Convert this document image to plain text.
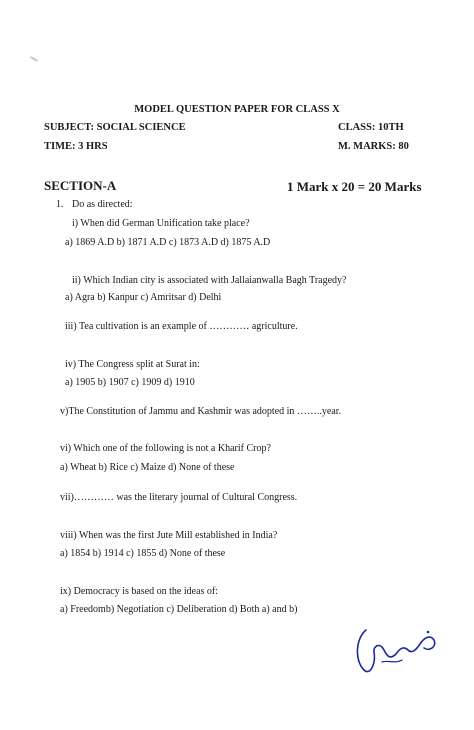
MODEL QUESTION PAPER FOR CLASS X
SUBJECT: SOCIAL SCIENCE	CLASS: 10TH
TIME: 3 HRS	M. MARKS: 80
SECTION-A	1 Mark x 20 = 20 Marks
1. Do as directed:
i) When did German Unification take place?
a) 1869 A.D b) 1871 A.D c) 1873 A.D d) 1875 A.D
ii) Which Indian city is associated with Jallaianwalla Bagh Tragedy?
a) Agra b) Kanpur c) Amritsar d) Delhi
iii) Tea cultivation is an example of ………… agriculture.
iv) The Congress split at Surat in:
a) 1905 b) 1907 c) 1909 d) 1910
v)The Constitution of Jammu and Kashmir was adopted in ……..year.
vi) Which one of the following is not a Kharif Crop?
a) Wheat b) Rice c) Maize d) None of these
vii)………… was the literary journal of Cultural Congress.
viii) When was the first Jute Mill established in India?
a) 1854 b) 1914 c) 1855 d) None of these
ix) Democracy is based on the ideas of:
a) Freedomb) Negotiation c) Deliberation d) Both a) and b)
